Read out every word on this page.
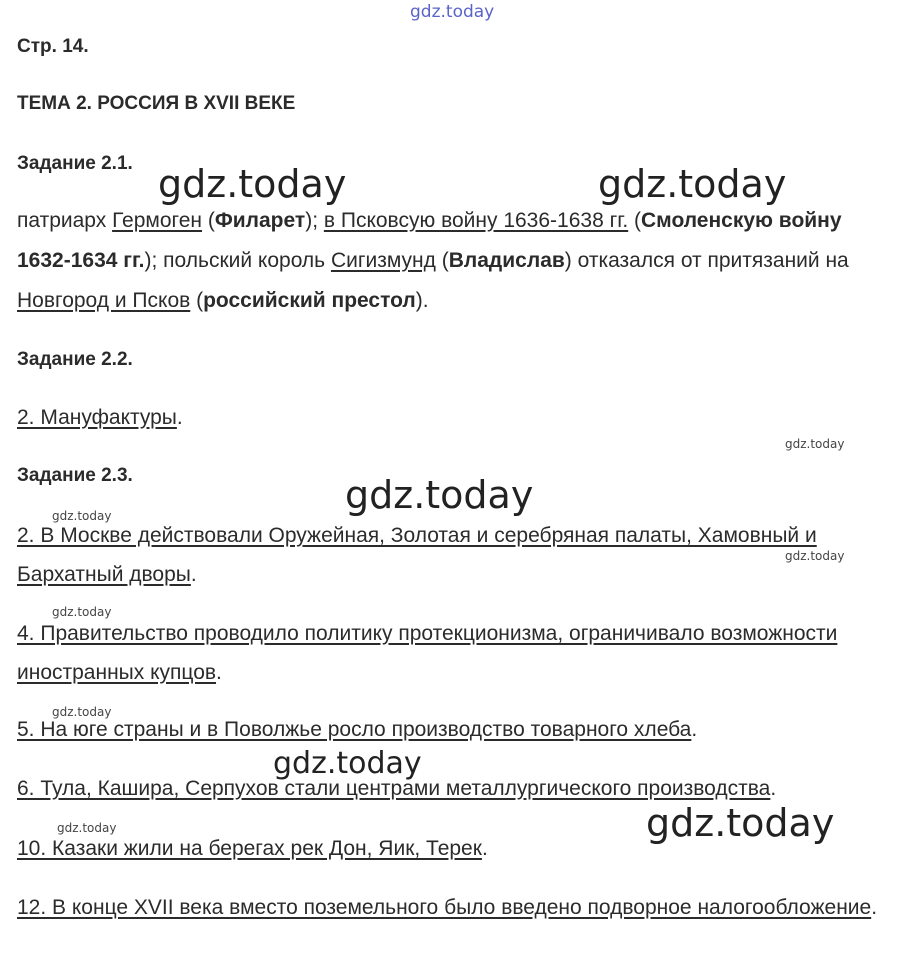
gdz.today
gdz.today	gdz.today
gdz.today
gdz.today
gdz.today
gdz.today
gdz.today
gdz.today
gdz.today
gdz.today
gdz.today
Стр. 14.
ТЕМА 2. РОССИЯ В XVII ВЕКЕ
Задание 2.1.
патриарх Гермоген (Филарет); в Псковсую войну 1636-1638 гг. (Смоленскую войну 1632-1634 гг.); польский король Сигизмунд (Владислав) отказался от притязаний на Новгород и Псков (российский престол).
Задание 2.2.
2. Мануфактуры.
Задание 2.3.
2. В Москве действовали Оружейная, Золотая и серебряная палаты, Хамовный и Бархатный дворы.
4. Правительство проводило политику протекционизма, ограничивало возможности иностранных купцов.
5. На юге страны и в Поволжье росло производство товарного хлеба.
6. Тула, Кашира, Серпухов стали центрами металлургического производства.
10. Казаки жили на берегах рек Дон, Яик, Терек.
12. В конце XVII века вместо поземельного было введено подворное налогообложение.
